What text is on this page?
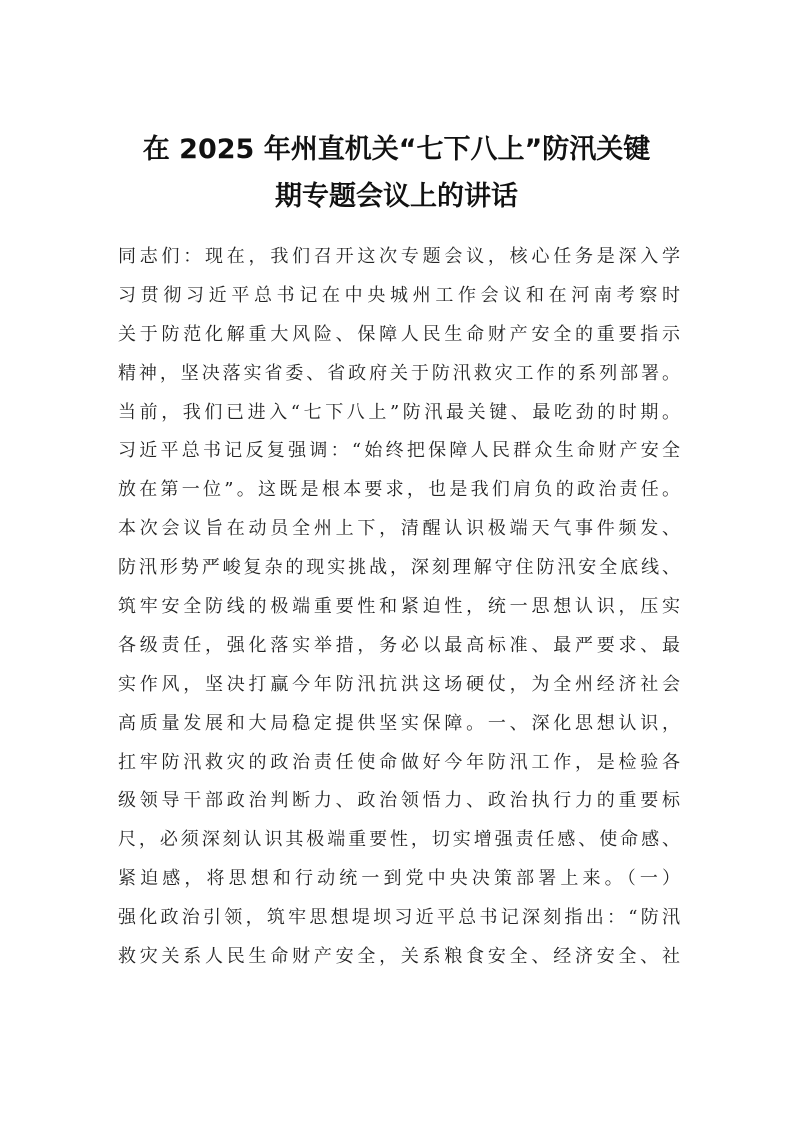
在 2025 年州直机关“七下八上”防汛关键
期专题会议上的讲话
同志们：现在，我们召开这次专题会议，核心任务是深入学
习贯彻习近平总书记在中央城州工作会议和在河南考察时
关于防范化解重大风险、保障人民生命财产安全的重要指示
精神，坚决落实省委、省政府关于防汛救灾工作的系列部署。
当前，我们已进入“七下八上”防汛最关键、最吃劲的时期。
习近平总书记反复强调：“始终把保障人民群众生命财产安全
放在第一位”。这既是根本要求，也是我们肩负的政治责任。
本次会议旨在动员全州上下，清醒认识极端天气事件频发、
防汛形势严峻复杂的现实挑战，深刻理解守住防汛安全底线、
筑牢安全防线的极端重要性和紧迫性，统一思想认识，压实
各级责任，强化落实举措，务必以最高标准、最严要求、最
实作风，坚决打赢今年防汛抗洪这场硬仗，为全州经济社会
高质量发展和大局稳定提供坚实保障。一、深化思想认识，
扛牢防汛救灾的政治责任使命做好今年防汛工作，是检验各
级领导干部政治判断力、政治领悟力、政治执行力的重要标
尺，必须深刻认识其极端重要性，切实增强责任感、使命感、
紧迫感，将思想和行动统一到党中央决策部署上来。（一）
强化政治引领，筑牢思想堤坝习近平总书记深刻指出：“防汛
救灾关系人民生命财产安全，关系粮食安全、经济安全、社
